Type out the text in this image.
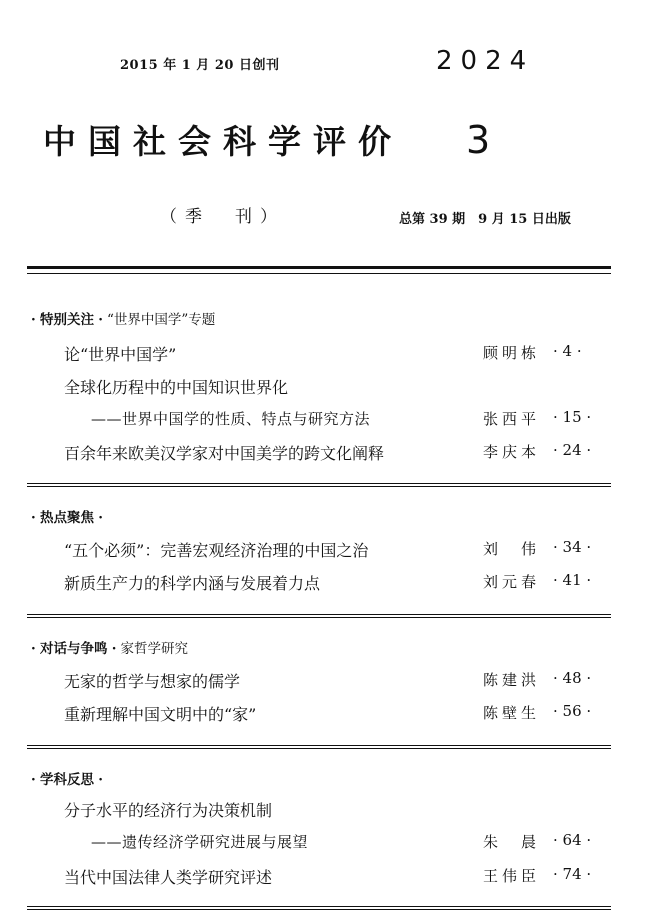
2015 年 1 月 20 日创刊	2024
中国社会科学评价 3
（季　刊）	总第 39 期　9 月 15 日出版
· 特别关注 · “世界中国学”专题
论“世界中国学”	顾明栋 · 4 ·
全球化历程中的中国知识世界化
——世界中国学的性质、特点与研究方法	张西平 · 15 ·
百余年来欧美汉学家对中国美学的跨文化阐释	李庆本 · 24 ·
· 热点聚焦 ·
“五个必须”：完善宏观经济治理的中国之治	刘　伟 · 34 ·
新质生产力的科学内涵与发展着力点	刘元春 · 41 ·
· 对话与争鸣 · 家哲学研究
无家的哲学与想家的儒学	陈建洪 · 48 ·
重新理解中国文明中的“家”	陈壁生 · 56 ·
· 学科反思 ·
分子水平的经济行为决策机制
——遗传经济学研究进展与展望	朱　晨 · 64 ·
当代中国法律人类学研究评述	王伟臣 · 74 ·
